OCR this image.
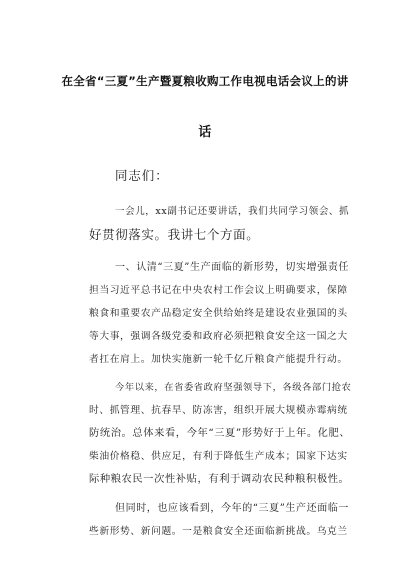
在全省“三夏”生产暨夏粮收购工作电视电话会议上的讲
话
同志们：
一会儿，xx副书记还要讲话，我们共同学习领会、抓
好贯彻落实。我讲七个方面。
一、认清“三夏”生产面临的新形势，切实增强责任
担当习近平总书记在中央农村工作会议上明确要求，保障
粮食和重要农产品稳定安全供给始终是建设农业强国的头
等大事，强调各级党委和政府必须把粮食安全这一国之大
者扛在肩上。加快实施新一轮千亿斤粮食产能提升行动。
今年以来，在省委省政府坚强领导下，各级各部门抢农
时、抓管理、抗春旱、防冻害，组织开展大规模赤霉病统
防统治。总体来看，今年“三夏”形势好于上年。化肥、
柴油价格稳、供应足，有利于降低生产成本；国家下达实
际种粮农民一次性补贴，有利于调动农民种粮积极性。
但同时，也应该看到，今年的“三夏”生产还面临一
些新形势、新问题。一是粮食安全还面临新挑战。乌克兰
